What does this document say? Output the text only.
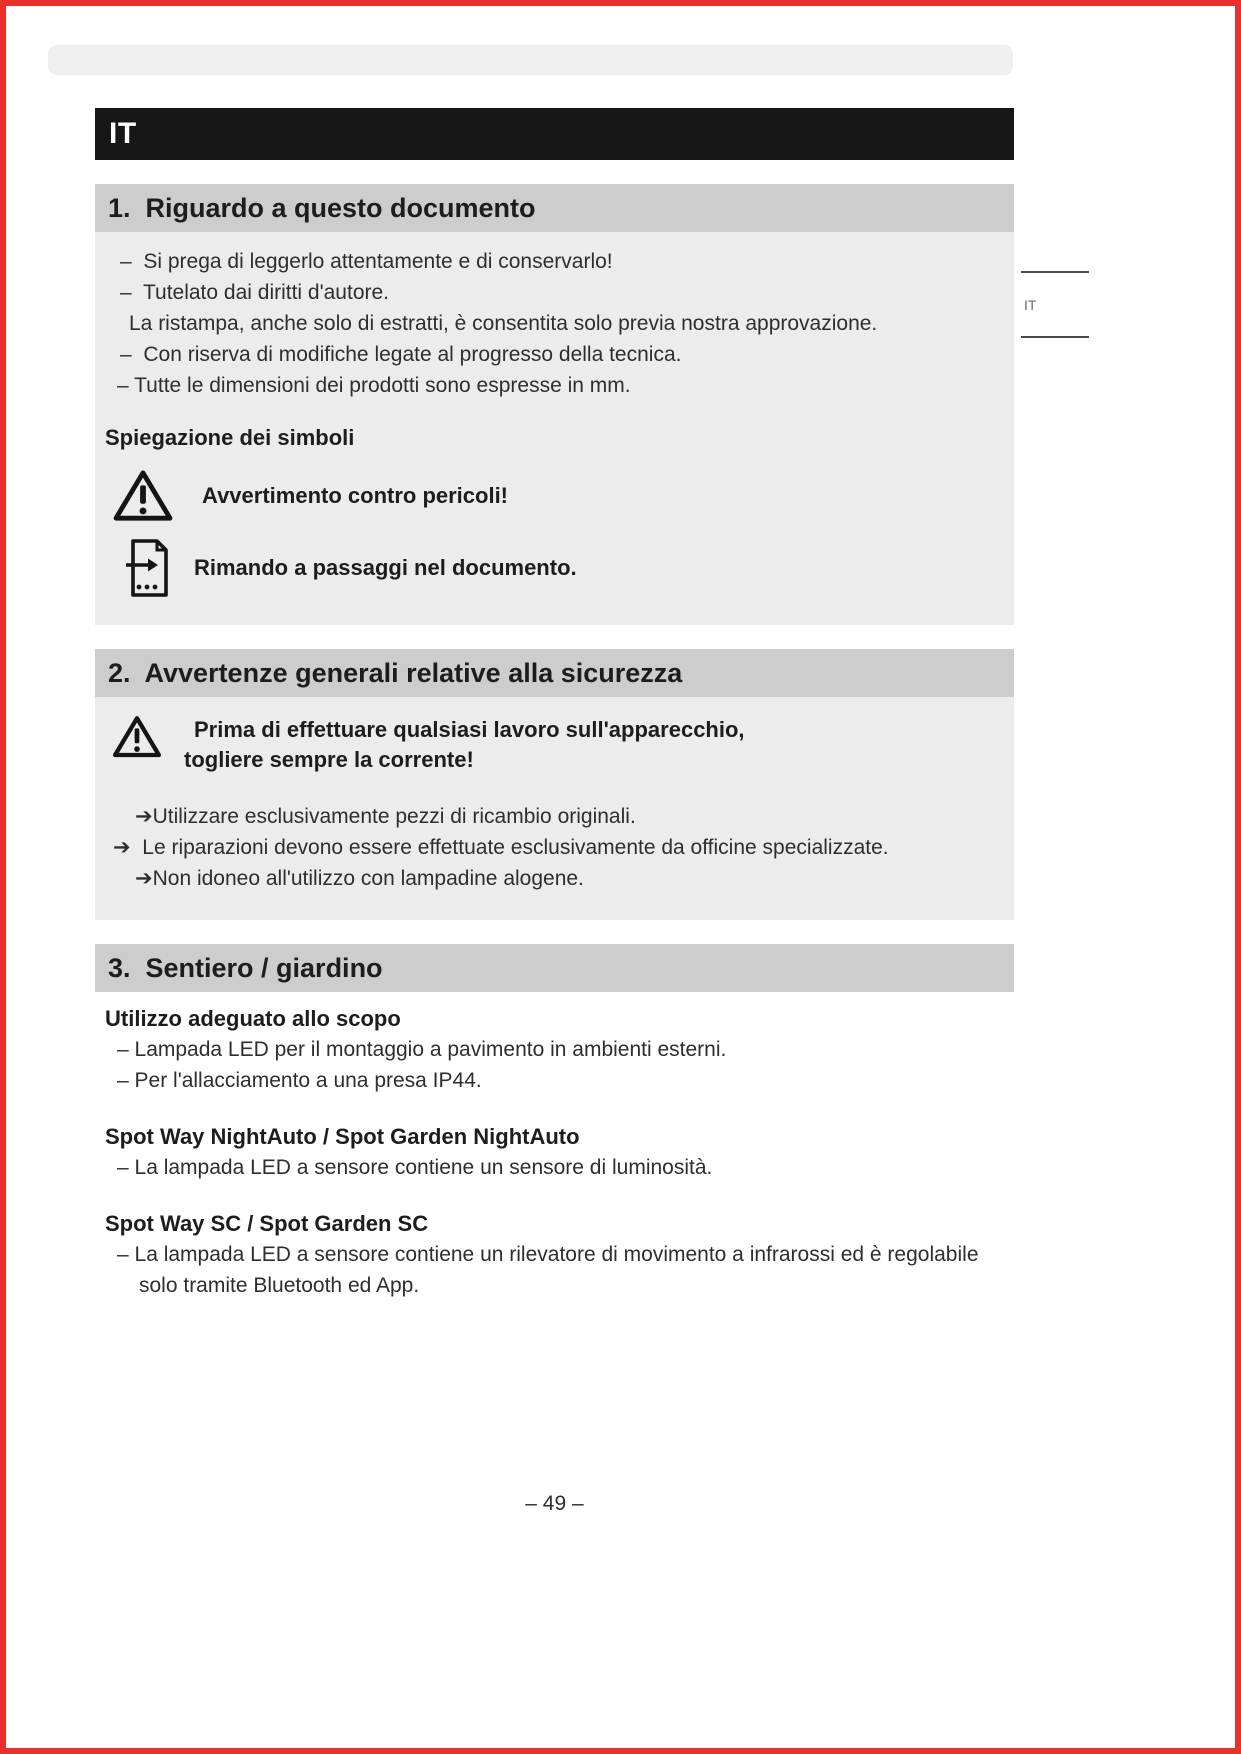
IT
1.  Riguardo a questo documento
–  Si prega di leggerlo attentamente e di conservarlo!
–  Tutelato dai diritti d'autore.
La ristampa, anche solo di estratti, è consentita solo previa nostra approvazione.
–  Con riserva di modifiche legate al progresso della tecnica.
– Tutte le dimensioni dei prodotti sono espresse in mm.
Spiegazione dei simboli
Avvertimento contro pericoli!
Rimando a passaggi nel documento.
2.  Avvertenze generali relative alla sicurezza
Prima di effettuare qualsiasi lavoro sull'apparecchio,
togliere sempre la corrente!
➔Utilizzare esclusivamente pezzi di ricambio originali.
➔  Le riparazioni devono essere effettuate esclusivamente da officine specializzate.
➔Non idoneo all'utilizzo con lampadine alogene.
3.  Sentiero / giardino
Utilizzo adeguato allo scopo
– Lampada LED per il montaggio a pavimento in ambienti esterni.
– Per l'allacciamento a una presa IP44.
Spot Way NightAuto / Spot Garden NightAuto
– La lampada LED a sensore contiene un sensore di luminosità.
Spot Way SC / Spot Garden SC
– La lampada LED a sensore contiene un rilevatore di movimento a infrarossi ed è regolabile solo tramite Bluetooth ed App.
IT
– 49 –
